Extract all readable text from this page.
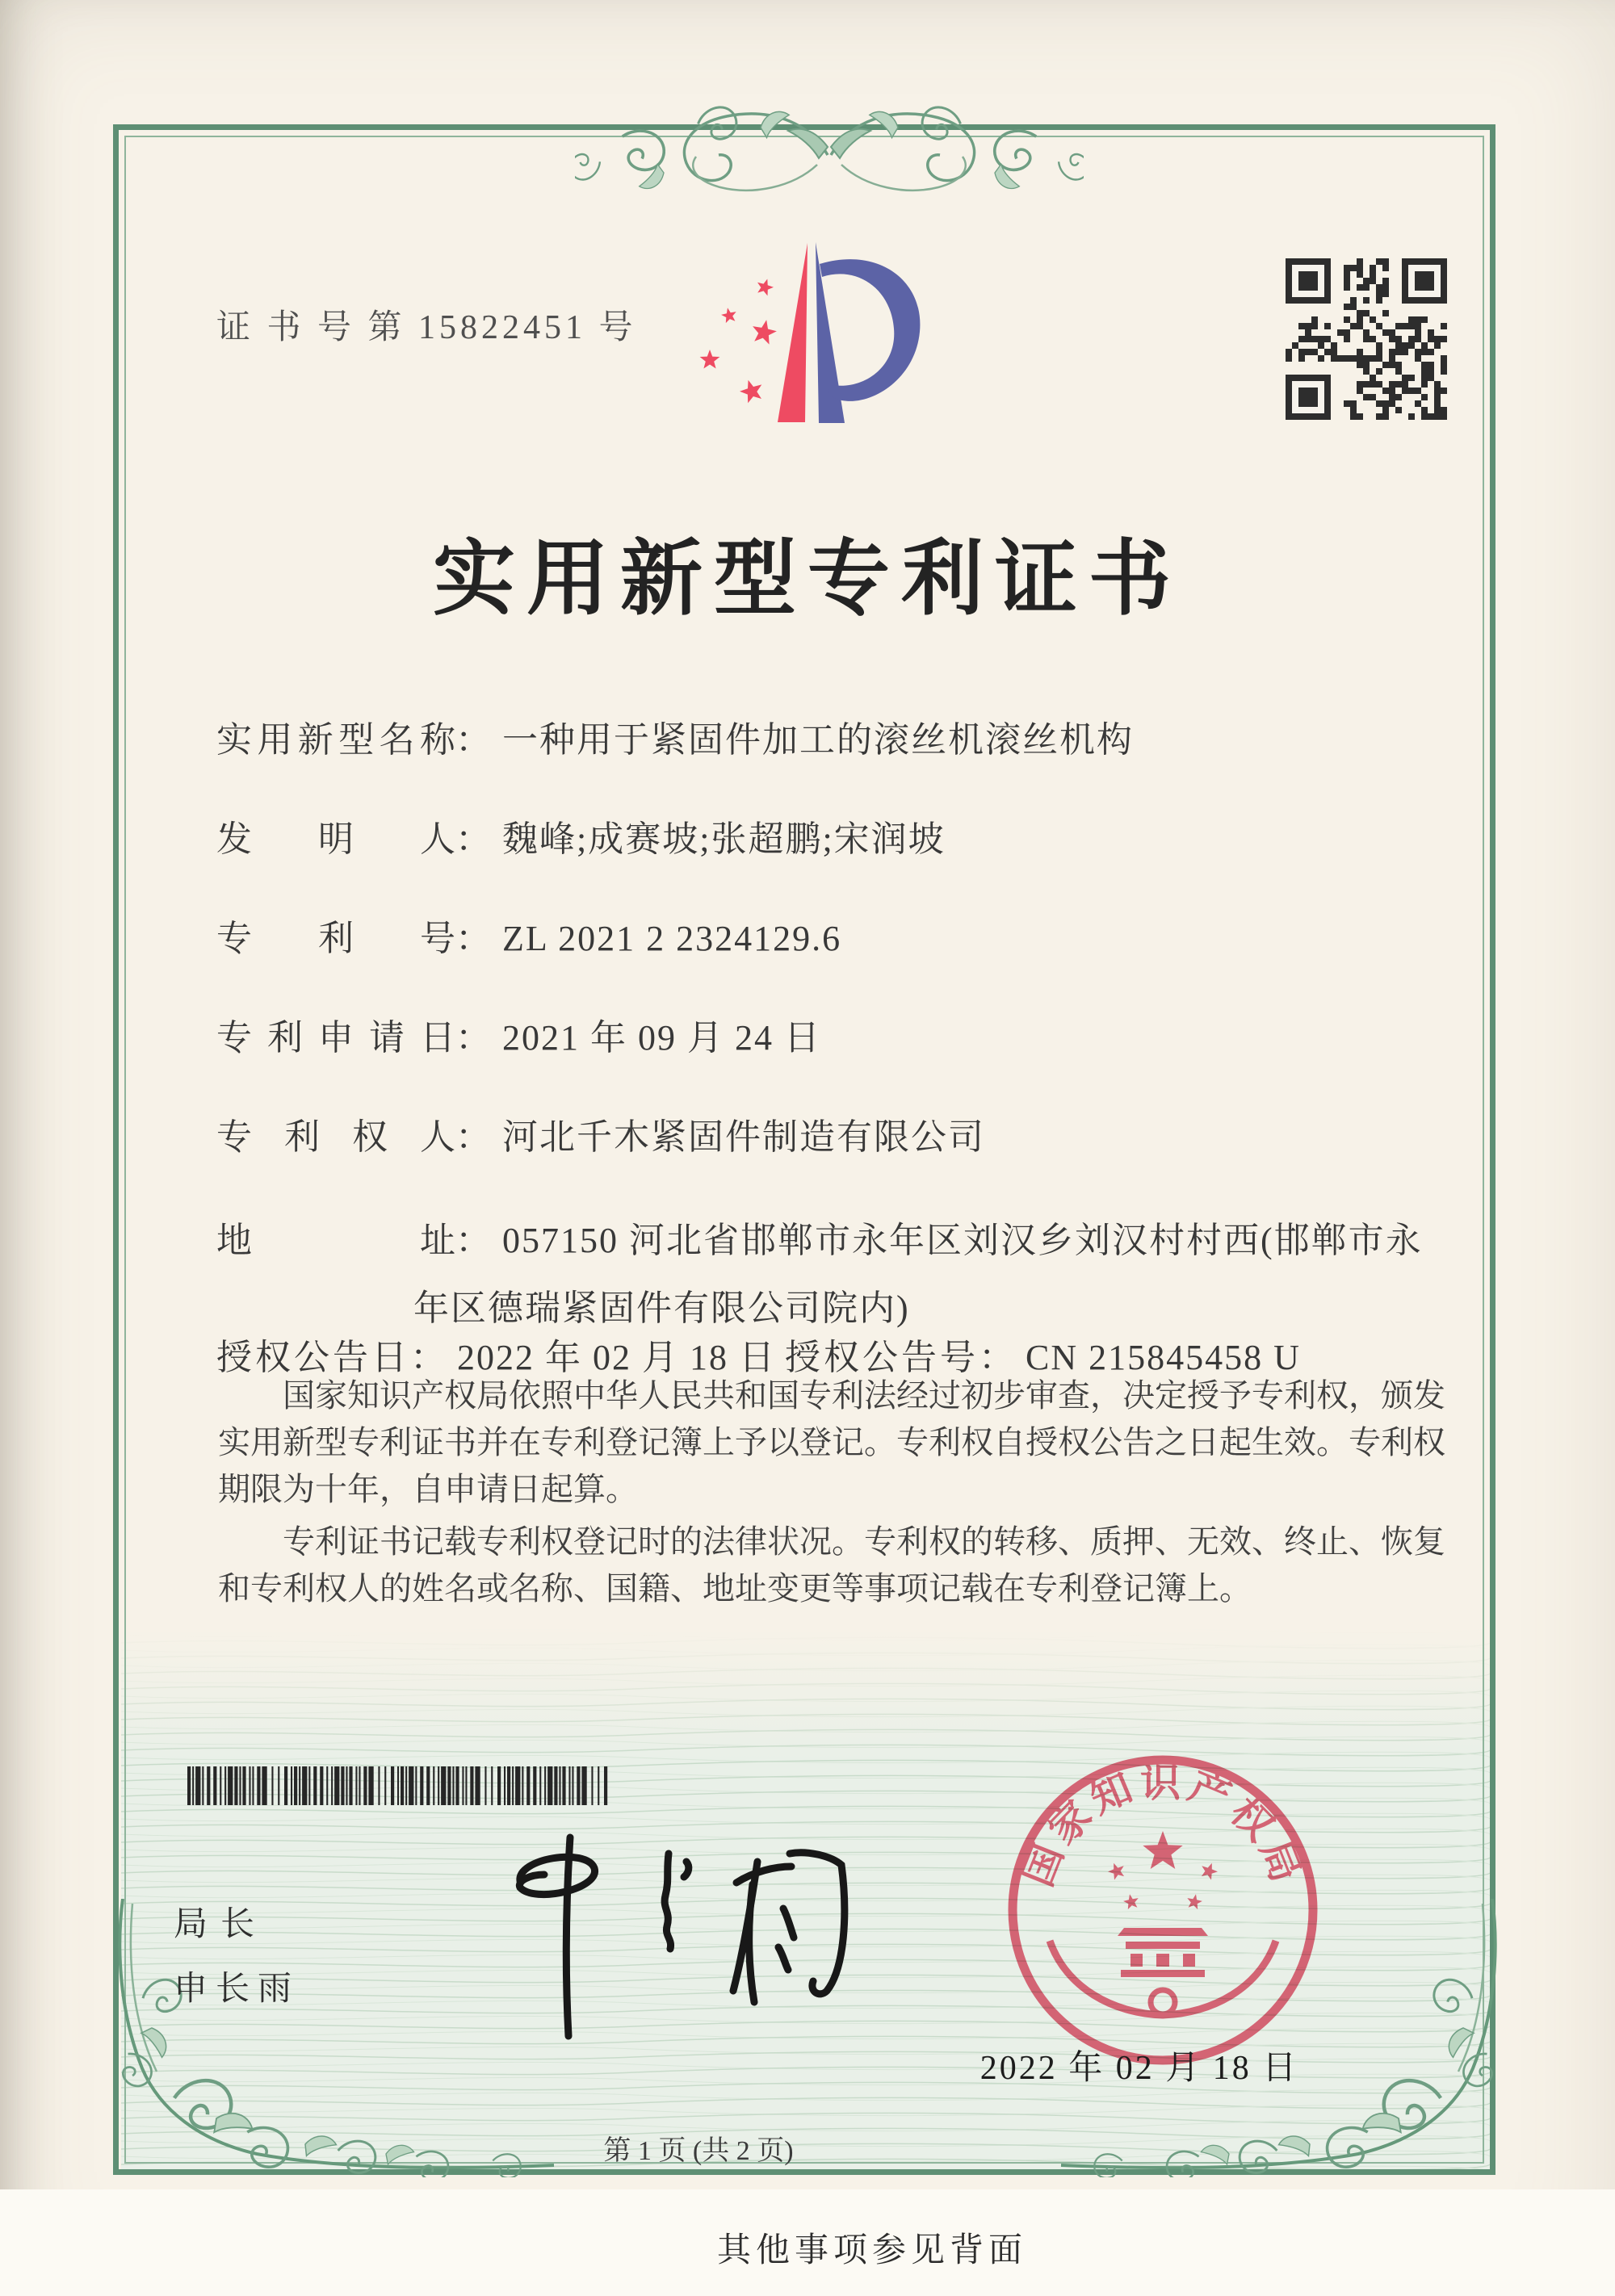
证 书 号 第 15822451 号
实用新型专利证书
实用新型名称： 一种用于紧固件加工的滚丝机滚丝机构
发明人： 魏峰;成赛坡;张超鹏;宋润坡
专利号： ZL 2021 2 2324129.6
专利申请日： 2021 年 09 月 24 日
专利权人： 河北千木紧固件制造有限公司
地址： 057150 河北省邯郸市永年区刘汉乡刘汉村村西(邯郸市永
年区德瑞紧固件有限公司院内)
授权公告日： 2022 年 02 月 18 日 授权公告号： CN 215845458 U

国家知识产权局依照中华人民共和国专利法经过初步审查，决定授予专利权，颁发实用新型专利证书并在专利登记簿上予以登记。专利权自授权公告之日起生效。专利权期限为十年，自申请日起算。

专利证书记载专利权登记时的法律状况。专利权的转移、质押、无效、终止、恢复和专利权人的姓名或名称、国籍、地址变更等事项记载在专利登记簿上。

局长
申长雨
国家知识产权局
2022 年 02 月 18 日
第 1 页 (共 2 页)
其他事项参见背面
